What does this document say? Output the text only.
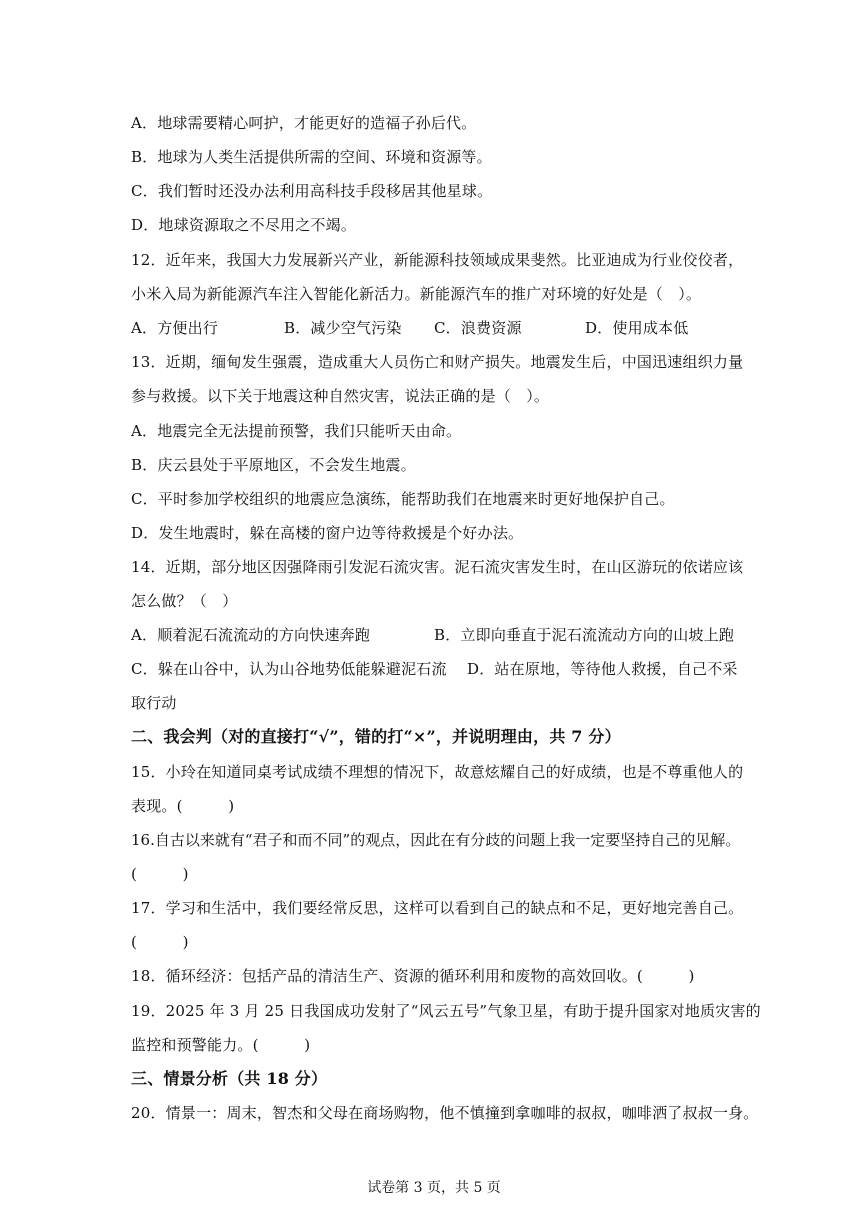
A．地球需要精心呵护，才能更好的造福子孙后代。
B．地球为人类生活提供所需的空间、环境和资源等。
C．我们暂时还没办法利用高科技手段移居其他星球。
D．地球资源取之不尽用之不竭。
12．近年来，我国大力发展新兴产业，新能源科技领域成果斐然。比亚迪成为行业佼佼者，
小米入局为新能源汽车注入智能化新活力。新能源汽车的推广对环境的好处是（　）。
A．方便出行	B．减少空气污染 C．浪费资源	D．使用成本低
13．近期，缅甸发生强震，造成重大人员伤亡和财产损失。地震发生后，中国迅速组织力量
参与救援。以下关于地震这种自然灾害，说法正确的是（　）。
A．地震完全无法提前预警，我们只能听天由命。
B．庆云县处于平原地区，不会发生地震。
C．平时参加学校组织的地震应急演练，能帮助我们在地震来时更好地保护自己。
D．发生地震时，躲在高楼的窗户边等待救援是个好办法。
14．近期，部分地区因强降雨引发泥石流灾害。泥石流灾害发生时，在山区游玩的依诺应该
怎么做？（　）
A．顺着泥石流流动的方向快速奔跑	B．立即向垂直于泥石流流动方向的山坡上跑
C．躲在山谷中，认为山谷地势低能躲避泥石流 D．站在原地，等待他人救援，自己不采
取行动
二、我会判（对的直接打“√”，错的打“×”，并说明理由，共 7 分）
15．小玲在知道同桌考试成绩不理想的情况下，故意炫耀自己的好成绩，也是不尊重他人的
表现。(　　　)
16.自古以来就有“君子和而不同”的观点，因此在有分歧的问题上我一定要坚持自己的见解。
(　　　)
17．学习和生活中，我们要经常反思，这样可以看到自己的缺点和不足，更好地完善自己。
(　　　)
18．循环经济：包括产品的清洁生产、资源的循环利用和废物的高效回收。(　　　)
19．2025 年 3 月 25 日我国成功发射了“风云五号”气象卫星，有助于提升国家对地质灾害的
监控和预警能力。(　　　)
三、情景分析（共 18 分）
20．情景一：周末，智杰和父母在商场购物，他不慎撞到拿咖啡的叔叔，咖啡洒了叔叔一身。
试卷第 3 页，共 5 页
